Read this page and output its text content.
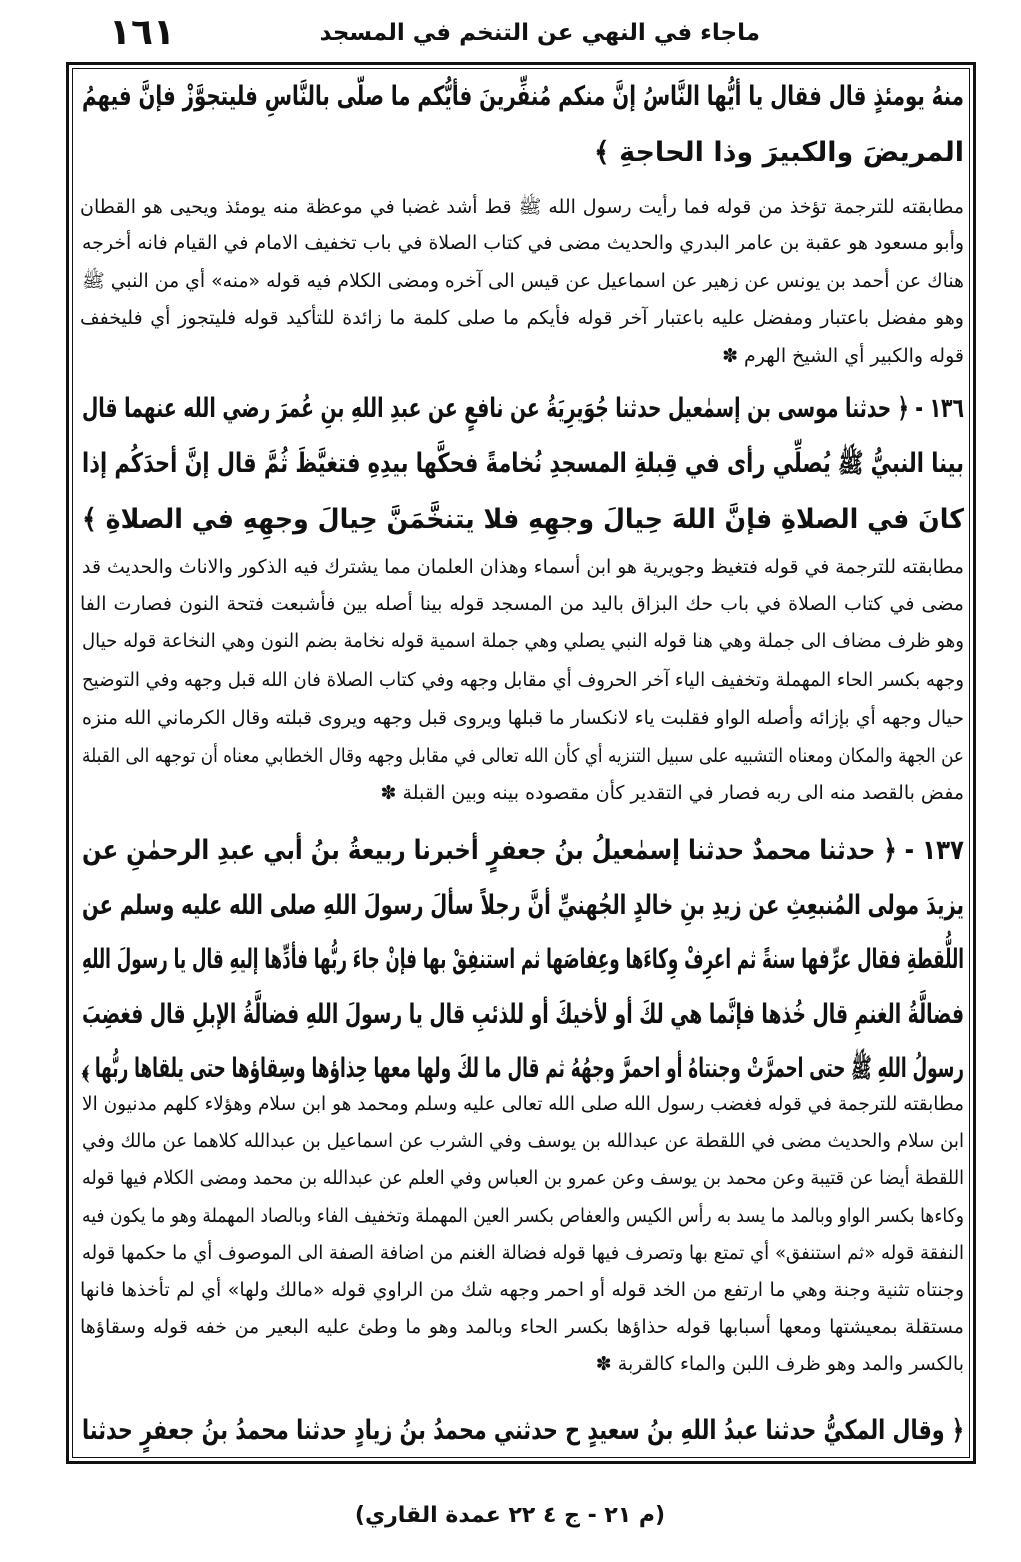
١٦١	ماجاء في النهي عن التنخم في المسجد
منهُ يومئذٍ قال فقال يا أيُّها النَّاسُ إنَّ منكم مُنفِّرينَ فأيُّكم ما صلّى بالنَّاسِ فليتجوَّزْ فإنَّ فيهمُ
المريضَ والكبيرَ وذا الحاجةِ ﴾
مطابقته للترجمة تؤخذ من قوله فما رأيت رسول الله ﷺ قط أشد غضبا في موعظة منه يومئذ ويحيى هو القطان
وأبو مسعود هو عقبة بن عامر البدري والحديث مضى في كتاب الصلاة في باب تخفيف الامام في القيام فانه أخرجه
هناك عن أحمد بن يونس عن زهير عن اسماعيل عن قيس الى آخره ومضى الكلام فيه قوله «منه» أي من النبي ﷺ
وهو مفضل باعتبار ومفضل عليه باعتبار آخر قوله فأيكم ما صلى كلمة ما زائدة للتأكيد قوله فليتجوز أي فليخفف
قوله والكبير أي الشيخ الهرم ✽
١٣٦ - ﴿ حدثنا موسى بن إسمٰعيل حدثنا جُوَيرِيَةُ عن نافعٍ عن عبدِ اللهِ بنِ عُمرَ رضي الله عنهما قال
بينا النبيُّ ﷺ يُصلِّي رأى في قِبلةِ المسجدِ نُخامةً فحكَّها بيدِهِ فتغيَّظَ ثُمَّ قال إنَّ أحدَكُم إذا
كانَ في الصلاةِ فإنَّ اللهَ حِيالَ وجهِهِ فلا يتنخَّمَنَّ حِيالَ وجهِهِ في الصلاةِ ﴾
مطابقته للترجمة في قوله فتغيظ وجويرية هو ابن أسماء وهذان العلمان مما يشترك فيه الذكور والاناث والحديث قد
مضى في كتاب الصلاة في باب حك البزاق باليد من المسجد قوله بينا أصله بين فأشبعت فتحة النون فصارت الفا
وهو ظرف مضاف الى جملة وهي هنا قوله النبي يصلي وهي جملة اسمية قوله نخامة بضم النون وهي النخاعة قوله حيال
وجهه بكسر الحاء المهملة وتخفيف الياء آخر الحروف أي مقابل وجهه وفي كتاب الصلاة فان الله قبل وجهه وفي التوضيح
حيال وجهه أي بإزائه وأصله الواو فقلبت ياء لانكسار ما قبلها ويروى قبل وجهه ويروى قبلته وقال الكرماني الله منزه
عن الجهة والمكان ومعناه التشبيه على سبيل التنزيه أي كأن الله تعالى في مقابل وجهه وقال الخطابي معناه أن توجهه الى القبلة
مفض بالقصد منه الى ربه فصار في التقدير كأن مقصوده بينه وبين القبلة ✽
١٣٧ - ﴿ حدثنا محمدٌ حدثنا إسمٰعيلُ بنُ جعفرٍ أخبرنا ربيعةُ بنُ أبي عبدِ الرحمٰنِ عن
يزيدَ مولى المُنبعِثِ عن زيدِ بنِ خالدٍ الجُهنيِّ أنَّ رجلاً سألَ رسولَ اللهِ صلى الله عليه وسلم عن
اللُّقطةِ فقال عرِّفها سنةً ثم اعرِفْ وِكاءَها وعِفاصَها ثم استنفِقْ بها فإنْ جاءَ ربُّها فأدِّها إليهِ قال يا رسولَ اللهِ
فضالَّةُ الغنمِ قال خُذها فإنَّما هي لكَ أو لأخيكَ أو للذئبِ قال يا رسولَ اللهِ فضالَّةُ الإبلِ قال فغضِبَ
رسولُ اللهِ ﷺ حتى احمرَّتْ وجنتاهُ أو احمرَّ وجهُهُ ثم قال ما لكَ ولها معها حِذاؤها وسِقاؤها حتى يلقاها ربُّها ﴾
مطابقته للترجمة في قوله فغضب رسول الله صلى الله تعالى عليه وسلم ومحمد هو ابن سلام وهؤلاء كلهم مدنيون الا
ابن سلام والحديث مضى في اللقطة عن عبدالله بن يوسف وفي الشرب عن اسماعيل بن عبدالله كلاهما عن مالك وفي
اللقطة أيضا عن قتيبة وعن محمد بن يوسف وعن عمرو بن العباس وفي العلم عن عبدالله بن محمد ومضى الكلام فيها قوله
وكاءها بكسر الواو وبالمد ما يسد به رأس الكيس والعفاص بكسر العين المهملة وتخفيف الفاء وبالصاد المهملة وهو ما يكون فيه
النفقة قوله «ثم استنفق» أي تمتع بها وتصرف فيها قوله فضالة الغنم من اضافة الصفة الى الموصوف أي ما حكمها قوله
وجنتاه تثنية وجنة وهي ما ارتفع من الخد قوله أو احمر وجهه شك من الراوي قوله «مالك ولها» أي لم تأخذها فانها
مستقلة بمعيشتها ومعها أسبابها قوله حذاؤها بكسر الحاء وبالمد وهو ما وطئ عليه البعير من خفه قوله وسقاؤها
بالكسر والمد وهو ظرف اللبن والماء كالقربة ✽
﴿ وقال المكيُّ حدثنا عبدُ اللهِ بنُ سعيدٍ ح حدثني محمدُ بنُ زيادٍ حدثنا محمدُ بنُ جعفرٍ حدثنا
(م ٢١ - ج ٤ ٢٢ عمدة القاري)
